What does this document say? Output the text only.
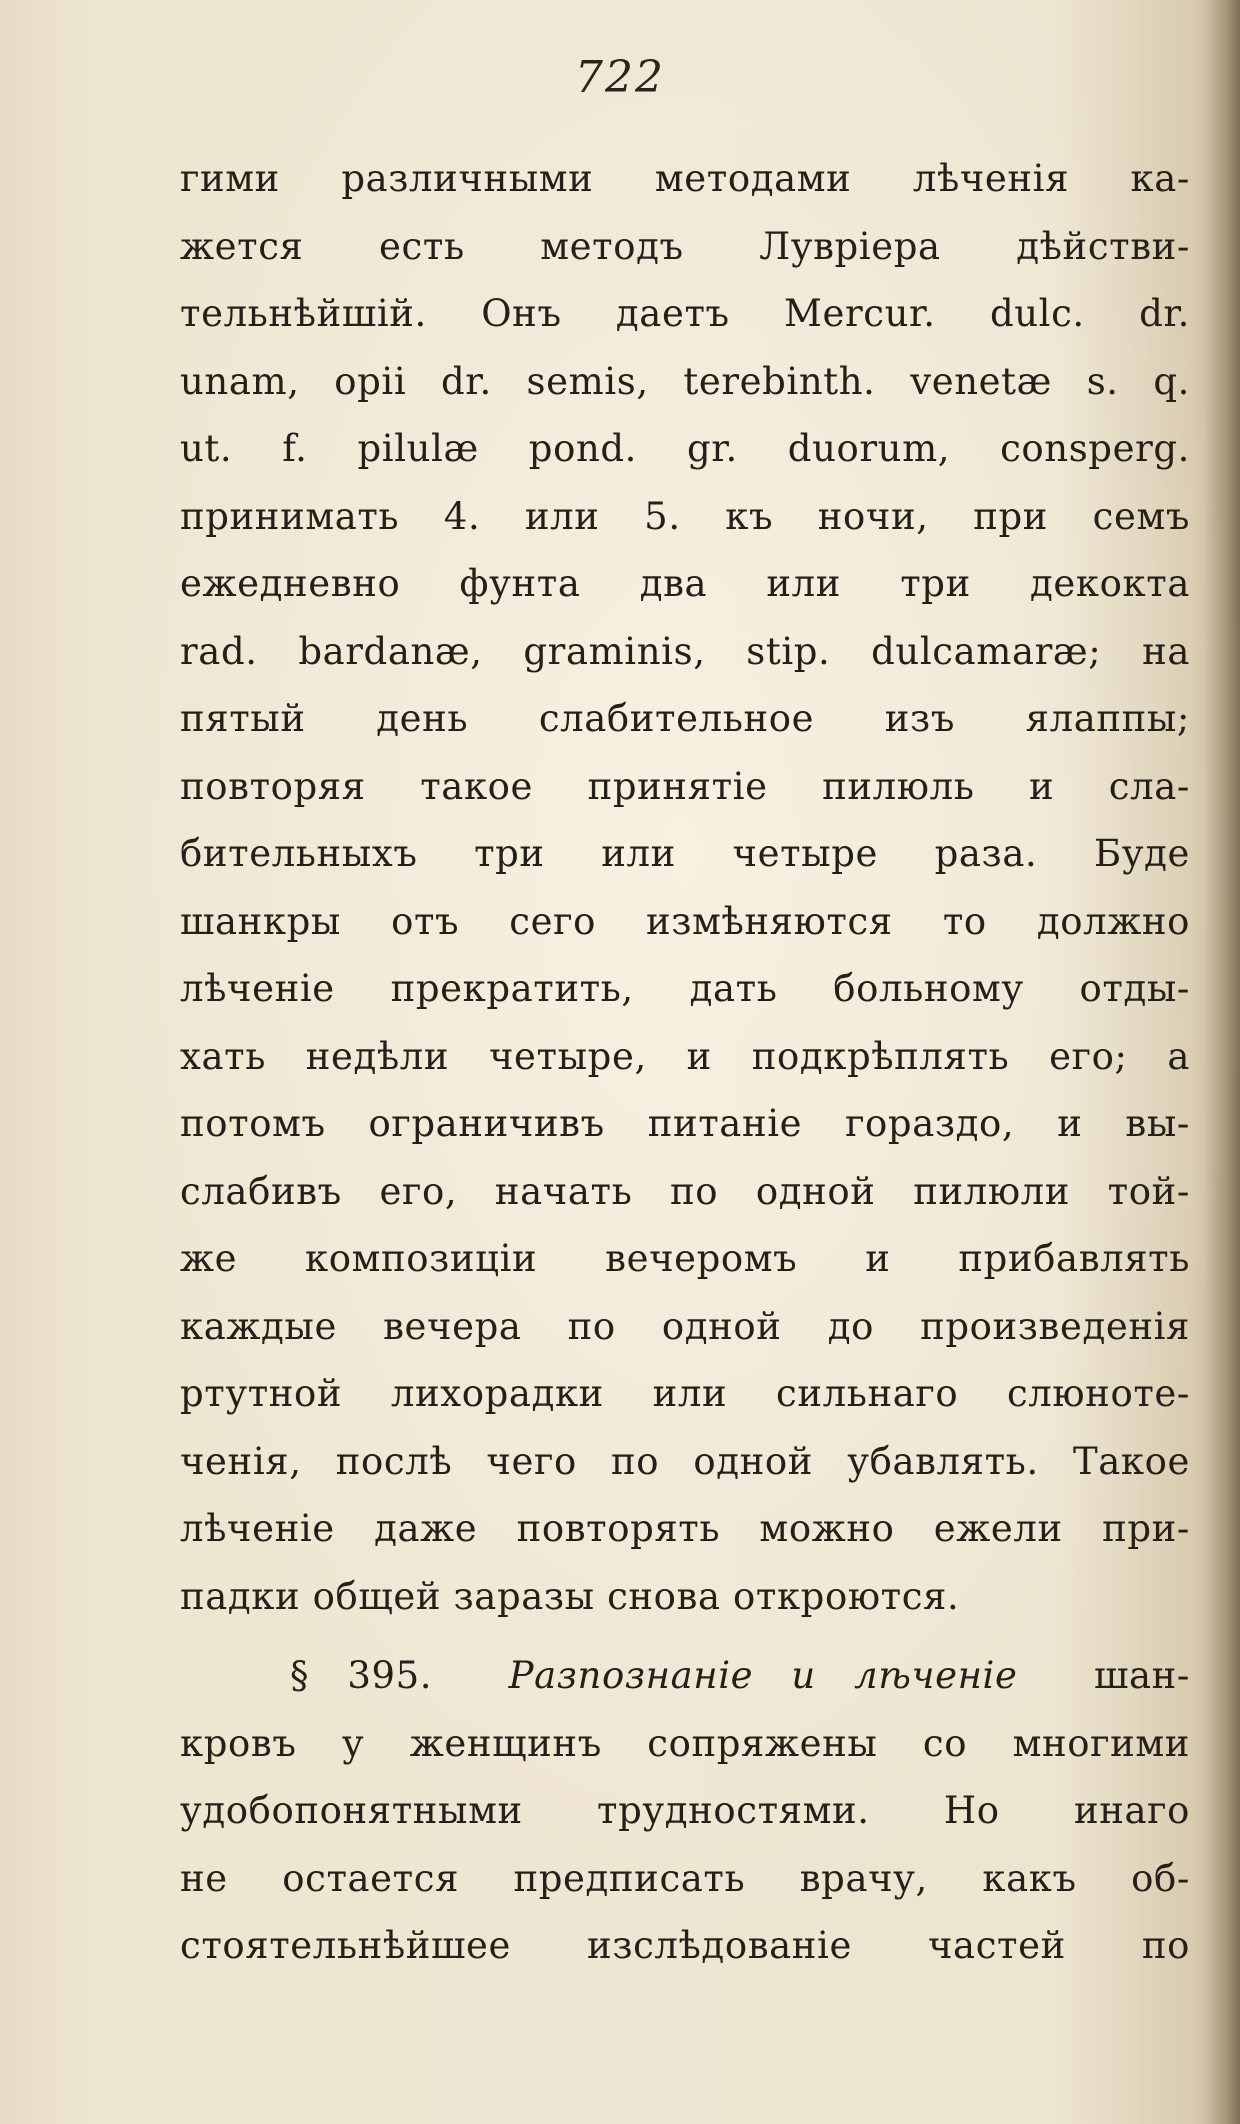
722
гими различными методами лѣченія ка-
жется есть методъ Лувріера дѣйстви-
тельнѣйшій. Онъ даетъ Mercur. dulc. dr.
unam, opii dr. semis, terebinth. venetæ s. q.
ut. f. pilulæ pond. gr. duorum, consperg.
принимать 4. или 5. къ ночи, при семъ
ежедневно фунта два или три декокта
rad. bardanæ, graminis, stip. dulcamaræ; на
пятый день слабительное изъ ялаппы;
повторяя такое принятіе пилюль и сла-
бительныхъ три или четыре раза. Буде
шанкры отъ сего измѣняются то должно
лѣченіе прекратить, дать больному отды-
хать недѣли четыре, и подкрѣплять его; а
потомъ ограничивъ питаніе гораздо, и вы-
слабивъ его, начать по одной пилюли той-
же композиціи вечеромъ и прибавлять
каждые вечера по одной до произведенія
ртутной лихорадки или сильнаго слюноте-
ченія, послѣ чего по одной убавлять. Такое
лѣченіе даже повторять можно ежели при-
падки общей заразы снова откроются.
§ 395. Разпознаніе и лѣченіе шан-
кровъ у женщинъ сопряжены со многими
удобопонятными трудностями. Но инаго
не остается предписать врачу, какъ об-
стоятельнѣйшее изслѣдованіе частей по
